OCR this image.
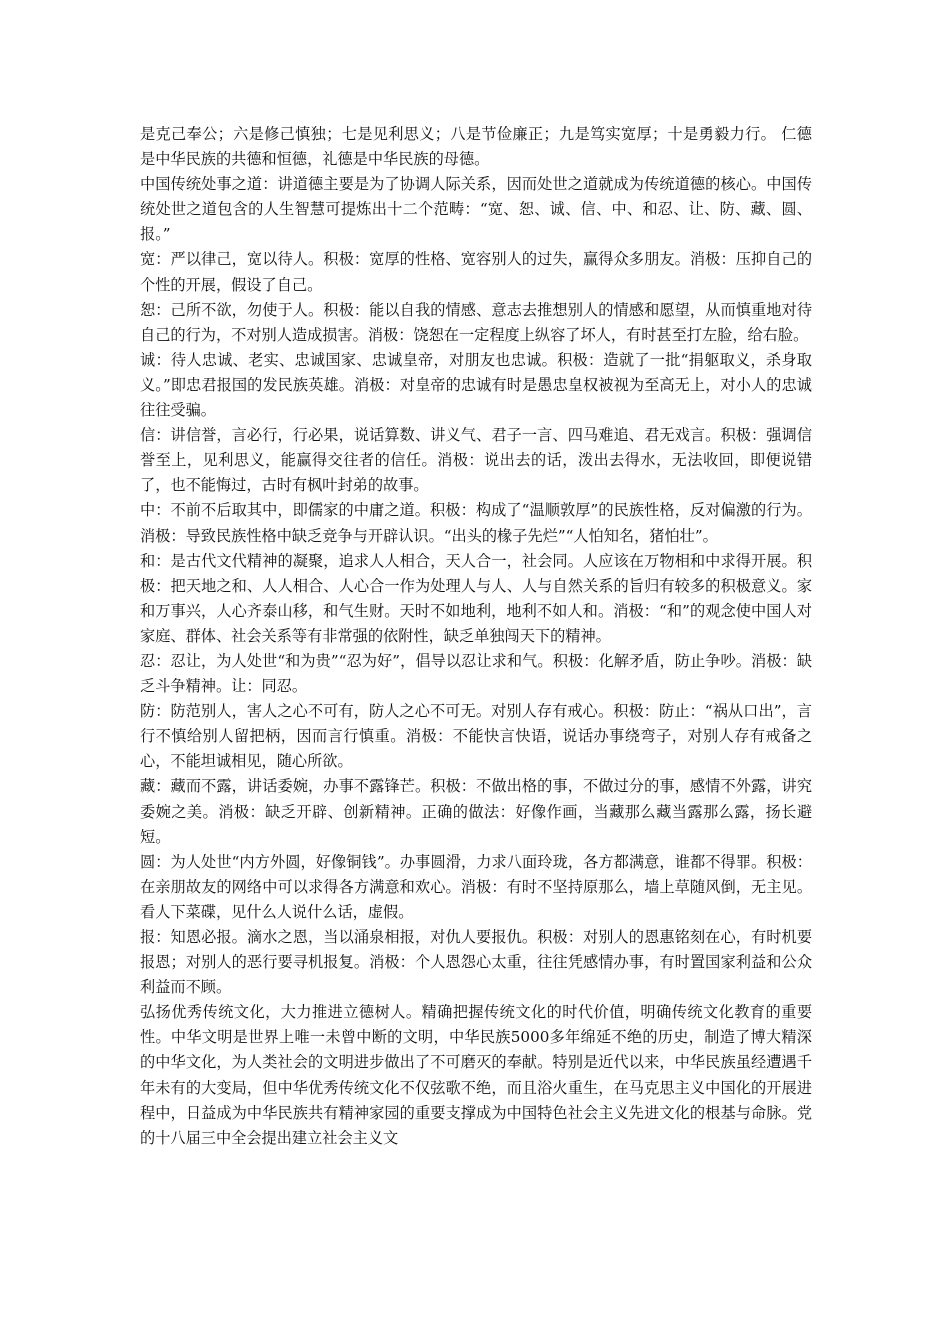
是克己奉公；六是修己慎独；七是见利思义；八是节俭廉正；九是笃实宽厚；十是勇毅力行。 仁德是中华民族的共德和恒德，礼德是中华民族的母德。

中国传统处事之道：讲道德主要是为了协调人际关系，因而处世之道就成为传统道德的核心。中国传统处世之道包含的人生智慧可提炼出十二个范畴：“宽、恕、诚、信、中、和忍、让、防、藏、圆、报。”

宽：严以律己，宽以待人。积极：宽厚的性格、宽容别人的过失，赢得众多朋友。消极：压抑自己的个性的开展，假设了自己。

恕：己所不欲，勿使于人。积极：能以自我的情感、意志去推想别人的情感和愿望，从而慎重地对待自己的行为，不对别人造成损害。消极：饶恕在一定程度上纵容了坏人，有时甚至打左脸，给右脸。

诚：待人忠诚、老实、忠诚国家、忠诚皇帝，对朋友也忠诚。积极：造就了一批“捐躯取义，杀身取义。”即忠君报国的发民族英雄。消极：对皇帝的忠诚有时是愚忠皇权被视为至高无上，对小人的忠诚往往受骗。

信：讲信誉，言必行，行必果，说话算数、讲义气、君子一言、四马难追、君无戏言。积极：强调信誉至上，见利思义，能赢得交往者的信任。消极：说出去的话，泼出去得水，无法收回，即便说错了，也不能悔过，古时有枫叶封弟的故事。

中：不前不后取其中，即儒家的中庸之道。积极：构成了“温顺敦厚”的民族性格，反对偏激的行为。消极：导致民族性格中缺乏竞争与开辟认识。“出头的椽子先烂”“人怕知名，猪怕壮”。

和：是古代文代精神的凝聚，追求人人相合，天人合一，社会同。人应该在万物相和中求得开展。积极：把天地之和、人人相合、人心合一作为处理人与人、人与自然关系的旨归有较多的积极意义。家和万事兴，人心齐泰山移，和气生财。天时不如地利，地利不如人和。消极：“和”的观念使中国人对家庭、群体、社会关系等有非常强的依附性，缺乏单独闯天下的精神。

忍：忍让，为人处世“和为贵”“忍为好”，倡导以忍让求和气。积极：化解矛盾，防止争吵。消极：缺乏斗争精神。让：同忍。

防：防范别人，害人之心不可有，防人之心不可无。对别人存有戒心。积极：防止：“祸从口出”，言行不慎给别人留把柄，因而言行慎重。消极：不能快言快语，说话办事绕弯子，对别人存有戒备之心，不能坦诚相见，随心所欲。

藏：藏而不露，讲话委婉，办事不露锋芒。积极：不做出格的事，不做过分的事，感情不外露，讲究委婉之美。消极：缺乏开辟、创新精神。正确的做法：好像作画，当藏那么藏当露那么露，扬长避短。

圆：为人处世“内方外圆，好像铜钱”。办事圆滑，力求八面玲珑，各方都满意，谁都不得罪。积极：在亲朋故友的网络中可以求得各方满意和欢心。消极：有时不坚持原那么，墙上草随风倒，无主见。看人下菜碟，见什么人说什么话，虚假。

报：知恩必报。滴水之恩，当以涌泉相报，对仇人要报仇。积极：对别人的恩惠铭刻在心，有时机要报恩；对别人的恶行要寻机报复。消极：个人恩怨心太重，往往凭感情办事，有时置国家利益和公众利益而不顾。

弘扬优秀传统文化，大力推进立德树人。精确把握传统文化的时代价值，明确传统文化教育的重要性。中华文明是世界上唯一未曾中断的文明，中华民族5000多年绵延不绝的历史，制造了博大精深的中华文化，为人类社会的文明进步做出了不可磨灭的奉献。特别是近代以来，中华民族虽经遭遇千年未有的大变局，但中华优秀传统文化不仅弦歌不绝，而且浴火重生，在马克思主义中国化的开展进程中，日益成为中华民族共有精神家园的重要支撑成为中国特色社会主义先进文化的根基与命脉。党的十八届三中全会提出建立社会主义文
